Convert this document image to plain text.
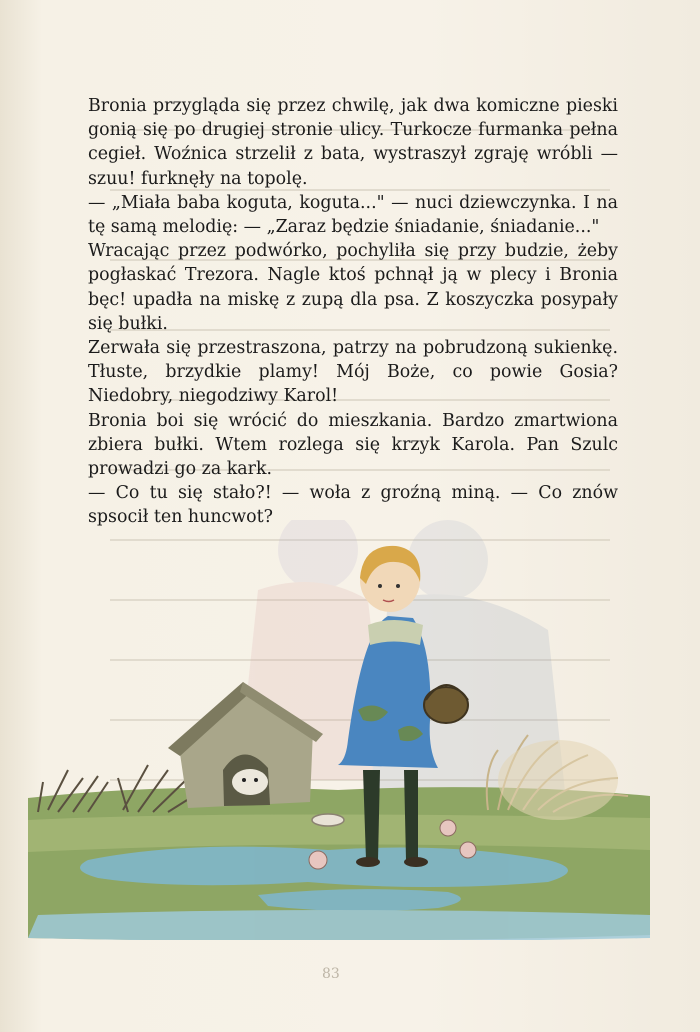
Bronia przygląda się przez chwilę, jak dwa komiczne pieski gonią się po drugiej stronie ulicy. Turkocze furmanka pełna cegieł. Woźnica strzelił z bata, wystraszył zgraję wróbli — szuu! furknęły na topolę.

— „Miała baba koguta, koguta..." — nuci dziewczynka. I na tę samą melodię: — „Zaraz będzie śniadanie, śniadanie..."

Wracając przez podwórko, pochyliła się przy budzie, żeby pogłaskać Trezora. Nagle ktoś pchnął ją w plecy i Bronia bęc! upadła na miskę z zupą dla psa. Z koszyczka posypały się bułki.

Zerwała się przestraszona, patrzy na pobrudzoną sukienkę. Tłuste, brzydkie plamy! Mój Boże, co powie Gosia? Niedobry, niegodziwy Karol!

Bronia boi się wrócić do mieszkania. Bardzo zmartwiona zbiera bułki. Wtem rozlega się krzyk Karola. Pan Szulc prowadzi go za kark.

— Co tu się stało?! — woła z groźną miną. — Co znów spsocił ten huncwot?

83
